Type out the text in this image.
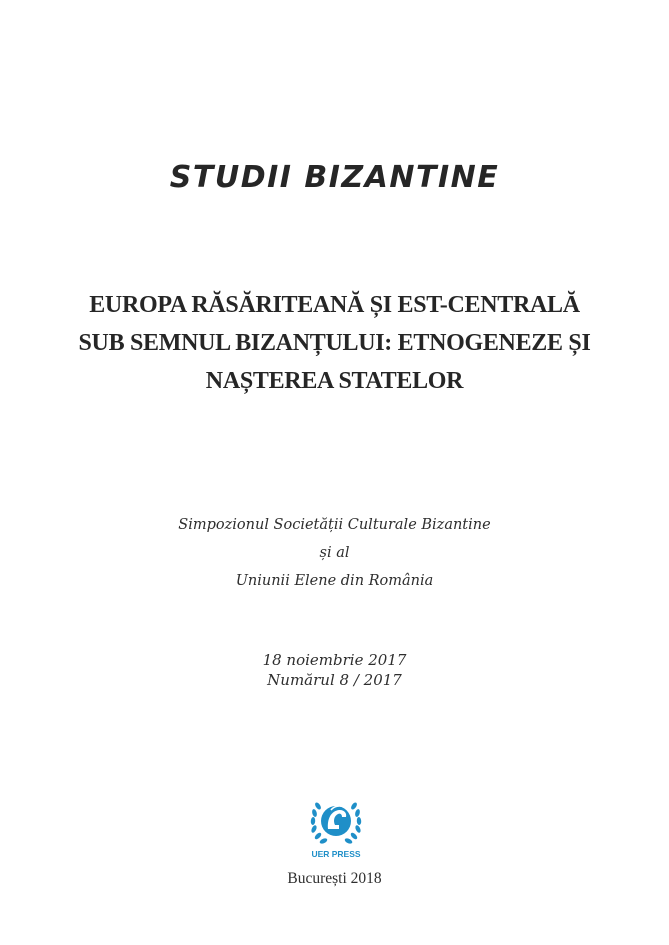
STUDII BIZANTINE
EUROPA RĂSĂRITEANĂ ȘI EST-CENTRALĂ
SUB SEMNUL BIZANȚULUI: ETNOGENEZE ȘI
NAȘTEREA STATELOR
Simpozionul Societății Culturale Bizantine
și al
Uniunii Elene din România
18 noiembrie 2017
Numărul 8 / 2017
UER PRESS
București 2018
